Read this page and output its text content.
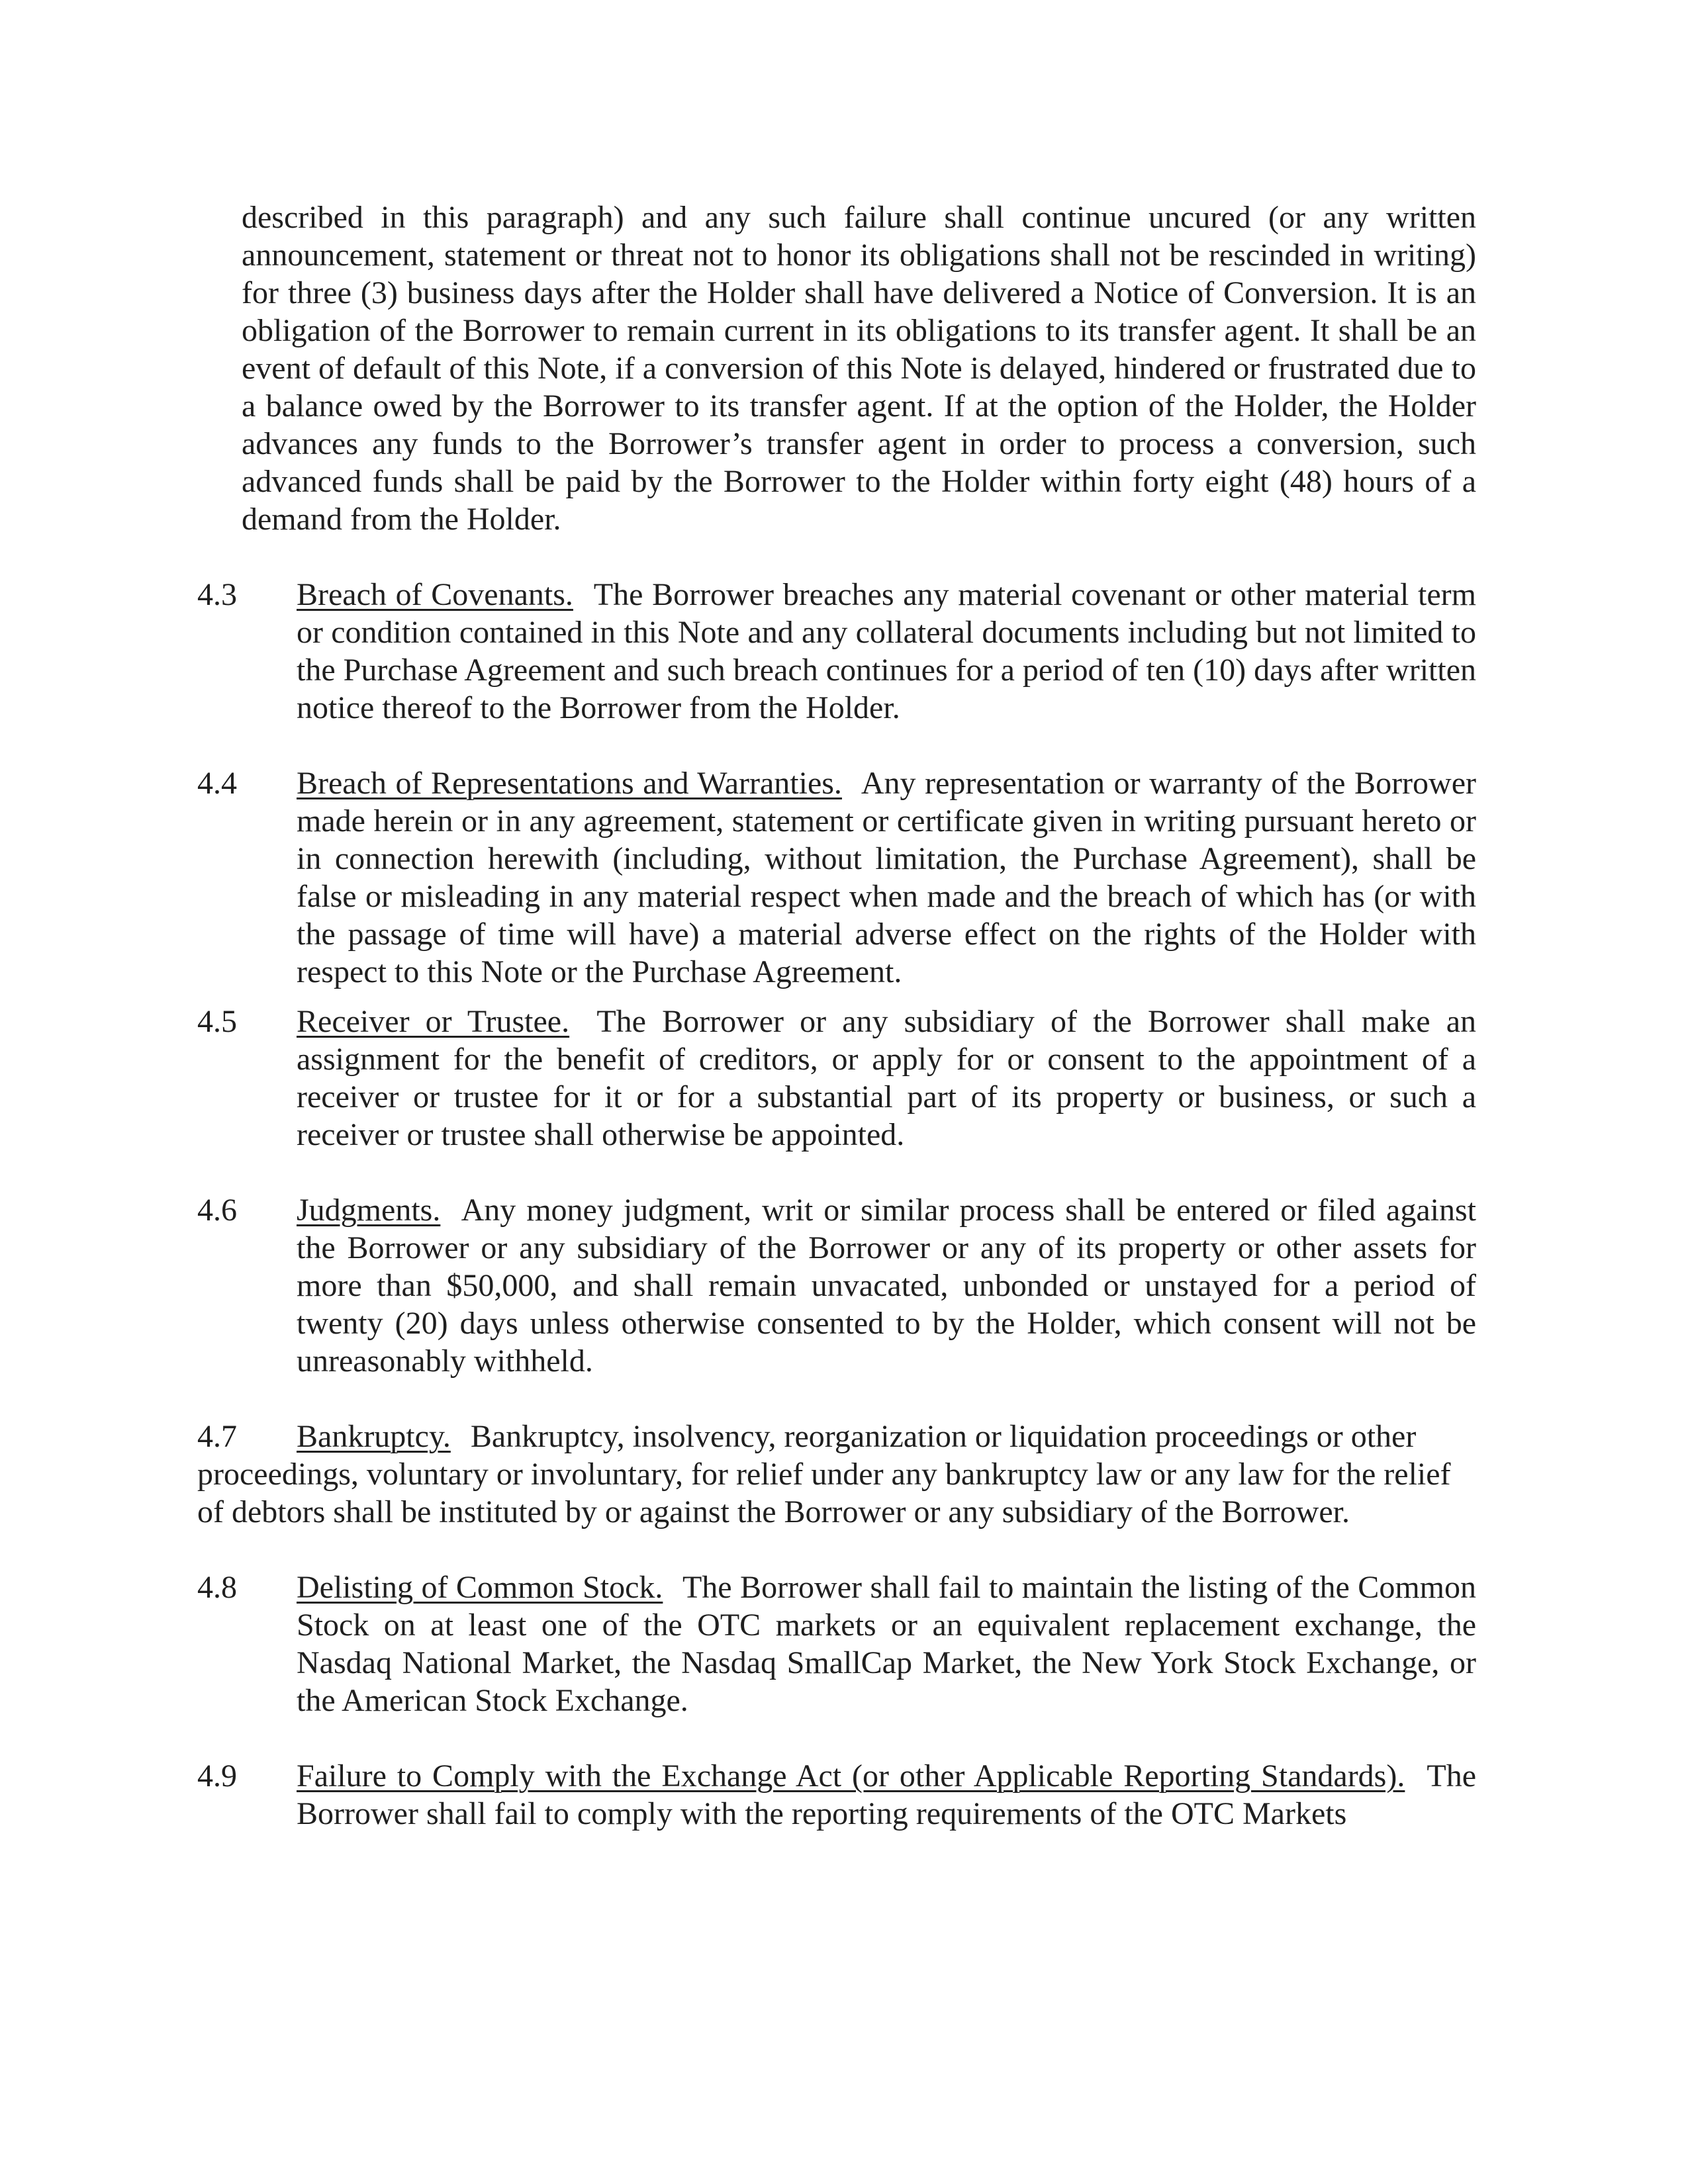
described in this paragraph) and any such failure shall continue uncured (or any written announcement, statement or threat not to honor its obligations shall not be rescinded in writing) for three (3) business days after the Holder shall have delivered a Notice of Conversion. It is an obligation of the Borrower to remain current in its obligations to its transfer agent. It shall be an event of default of this Note, if a conversion of this Note is delayed, hindered or frustrated due to a balance owed by the Borrower to its transfer agent. If at the option of the Holder, the Holder advances any funds to the Borrower’s transfer agent in order to process a conversion, such advanced funds shall be paid by the Borrower to the Holder within forty eight (48) hours of a demand from the Holder.

4.3 Breach of Covenants. The Borrower breaches any material covenant or other material term or condition contained in this Note and any collateral documents including but not limited to the Purchase Agreement and such breach continues for a period of ten (10) days after written notice thereof to the Borrower from the Holder.
4.4 Breach of Representations and Warranties. Any representation or warranty of the Borrower made herein or in any agreement, statement or certificate given in writing pursuant hereto or in connection herewith (including, without limitation, the Purchase Agreement), shall be false or misleading in any material respect when made and the breach of which has (or with the passage of time will have) a material adverse effect on the rights of the Holder with respect to this Note or the Purchase Agreement.
4.5 Receiver or Trustee. The Borrower or any subsidiary of the Borrower shall make an assignment for the benefit of creditors, or apply for or consent to the appointment of a receiver or trustee for it or for a substantial part of its property or business, or such a receiver or trustee shall otherwise be appointed.
4.6 Judgments. Any money judgment, writ or similar process shall be entered or filed against the Borrower or any subsidiary of the Borrower or any of its property or other assets for more than $50,000, and shall remain unvacated, unbonded or unstayed for a period of twenty (20) days unless otherwise consented to by the Holder, which consent will not be unreasonably withheld.
4.7 Bankruptcy. Bankruptcy, insolvency, reorganization or liquidation proceedings or other proceedings, voluntary or involuntary, for relief under any bankruptcy law or any law for the relief of debtors shall be instituted by or against the Borrower or any subsidiary of the Borrower.
4.8 Delisting of Common Stock. The Borrower shall fail to maintain the listing of the Common Stock on at least one of the OTC markets or an equivalent replacement exchange, the Nasdaq National Market, the Nasdaq SmallCap Market, the New York Stock Exchange, or the American Stock Exchange.
4.9 Failure to Comply with the Exchange Act (or other Applicable Reporting Standards). The Borrower shall fail to comply with the reporting requirements of the OTC Markets
